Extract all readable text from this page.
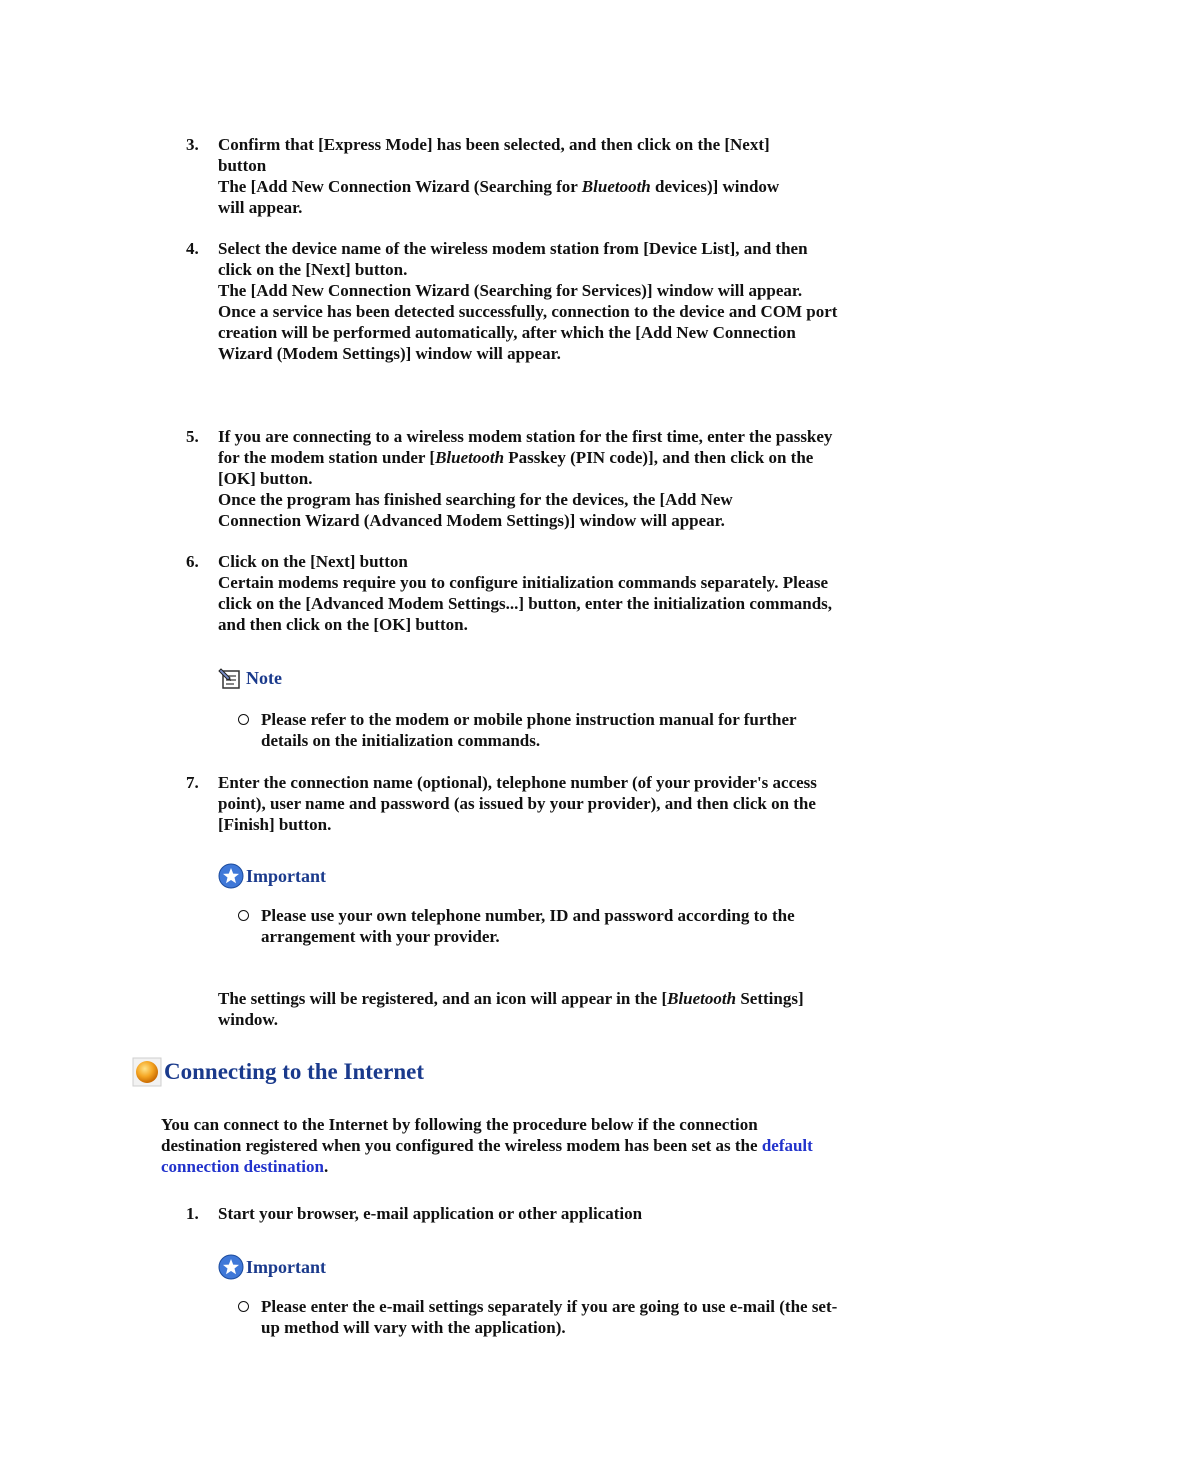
3.	Confirm that [Express Mode] has been selected, and then click on the [Next]

button

The [Add New Connection Wizard (Searching for Bluetooth devices)] window

will appear.

4.	Select the device name of the wireless modem station from [Device List], and then click on the [Next] button.

The [Add New Connection Wizard (Searching for Services)] window will appear.

Once a service has been detected successfully, connection to the device and COM port creation will be performed automatically, after which the [Add New Connection Wizard (Modem Settings)] window will appear.

5.	If you are connecting to a wireless modem station for the first time, enter the passkey for the modem station under [Bluetooth Passkey (PIN code)], and then click on the [OK] button.

Once the program has finished searching for the devices, the [Add New Connection Wizard (Advanced Modem Settings)] window will appear.

6.	Click on the [Next] button

Certain modems require you to configure initialization commands separately. Please click on the [Advanced Modem Settings...] button, enter the initialization commands, and then click on the [OK] button.

Note
Please refer to the modem or mobile phone instruction manual for further details on the initialization commands.
7.	Enter the connection name (optional), telephone number (of your provider's access point), user name and password (as issued by your provider), and then click on the [Finish] button.

Important
Please use your own telephone number, ID and password according to the arrangement with your provider.
The settings will be registered, and an icon will appear in the [Bluetooth Settings] window.
Connecting to the Internet
You can connect to the Internet by following the procedure below if the connection destination registered when you configured the wireless modem has been set as the default connection destination.
1.	Start your browser, e-mail application or other application

Important
Please enter the e-mail settings separately if you are going to use e-mail (the set-up method will vary with the application).
